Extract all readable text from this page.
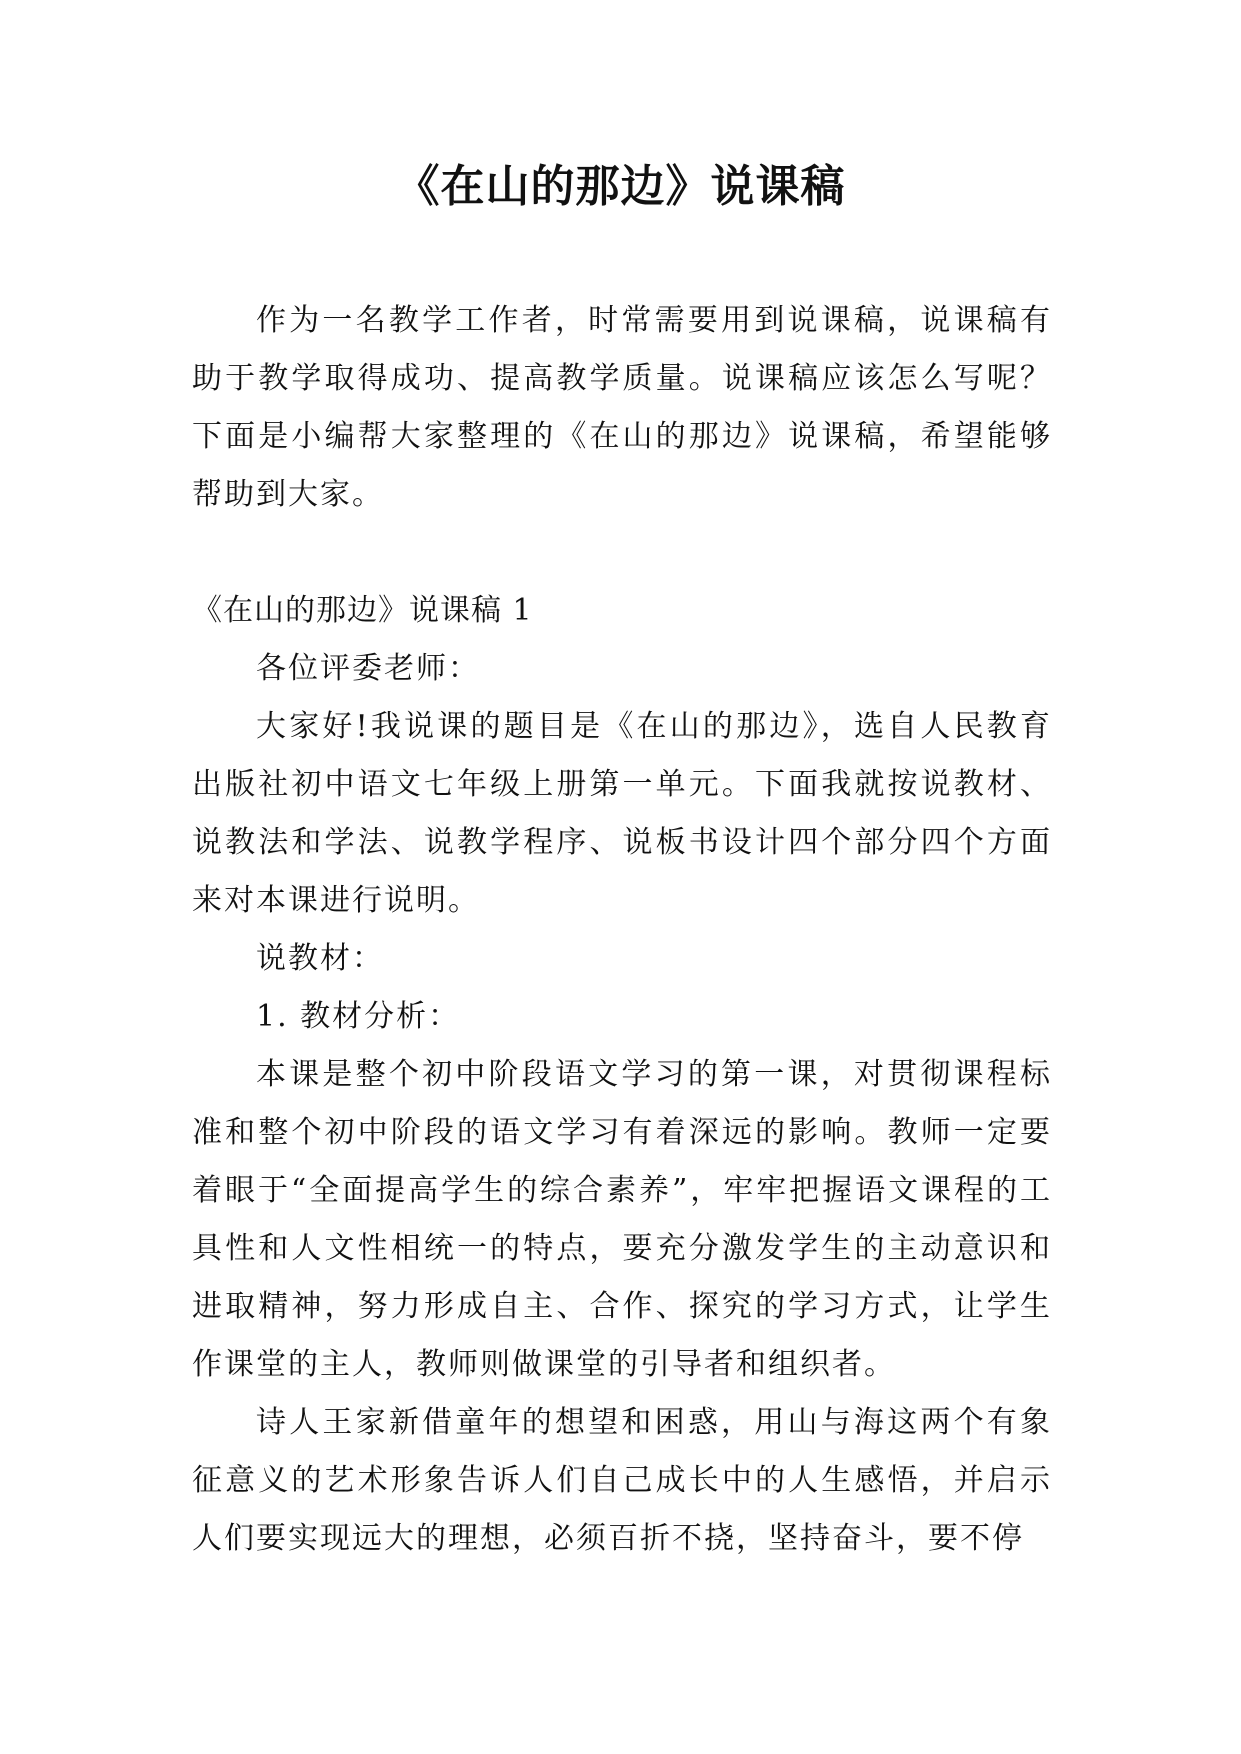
《在山的那边》说课稿

作为一名教学工作者，时常需要用到说课稿，说课稿有助于教学取得成功、提高教学质量。说课稿应该怎么写呢？下面是小编帮大家整理的《在山的那边》说课稿，希望能够帮助到大家。

《在山的那边》说课稿 1

各位评委老师：

大家好!我说课的题目是《在山的那边》，选自人民教育出版社初中语文七年级上册第一单元。下面我就按说教材、说教法和学法、说教学程序、说板书设计四个部分四个方面来对本课进行说明。

说教材：

1. 教材分析：

本课是整个初中阶段语文学习的第一课，对贯彻课程标准和整个初中阶段的语文学习有着深远的影响。教师一定要着眼于“全面提高学生的综合素养”，牢牢把握语文课程的工具性和人文性相统一的特点，要充分激发学生的主动意识和进取精神，努力形成自主、合作、探究的学习方式，让学生作课堂的主人，教师则做课堂的引导者和组织者。

诗人王家新借童年的想望和困惑，用山与海这两个有象征意义的艺术形象告诉人们自己成长中的人生感悟，并启示人们要实现远大的理想，必须百折不挠，坚持奋斗，要不停
